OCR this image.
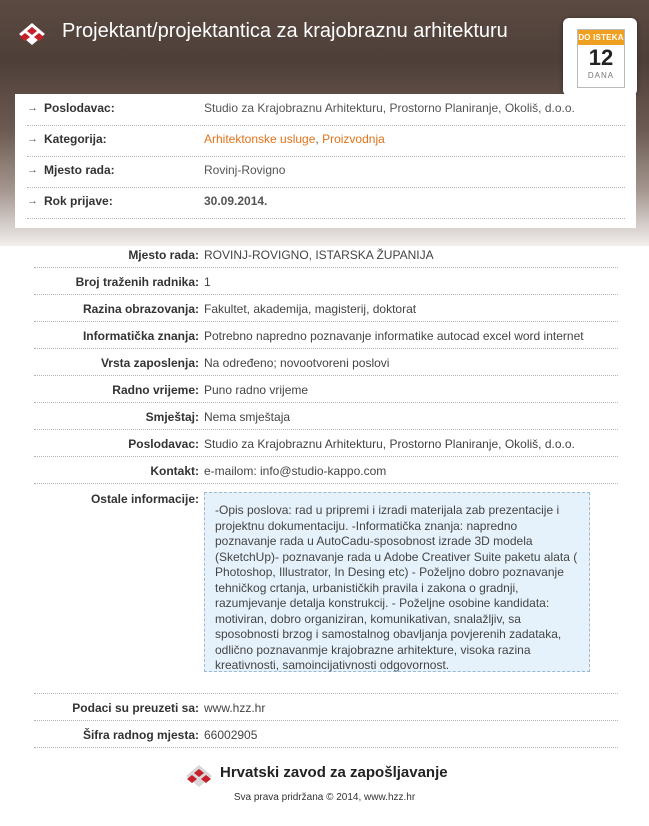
Projektant/projektantica za krajobraznu arhitekturu	DO ISTEKA
12
DANA
→ Poslodavac:	Studio za Krajobraznu Arhitekturu, Prostorno Planiranje, Okoliš, d.o.o.
→ Kategorija:	Arhitektonske usluge, Proizvodnja
→ Mjesto rada:	Rovinj-Rovigno
→ Rok prijave:	30.09.2014.
Mjesto rada: ROVINJ-ROVIGNO, ISTARSKA ŽUPANIJA
Broj traženih radnika: 1
Razina obrazovanja: Fakultet, akademija, magisterij, doktorat
Informatička znanja: Potrebno napredno poznavanje informatike autocad excel word internet
Vrsta zaposlenja: Na određeno; novootvoreni poslovi
Radno vrijeme: Puno radno vrijeme
Smještaj: Nema smještaja
Poslodavac: Studio za Krajobraznu Arhitekturu, Prostorno Planiranje, Okoliš, d.o.o.
Kontakt: e-mailom: info@studio-kappo.com
Ostale informacije:
-Opis poslova: rad u pripremi i izradi materijala zab prezentacije i projektnu dokumentaciju. -Informatička znanja: napredno poznavanje rada u AutoCadu-sposobnost izrade 3D modela (SketchUp)- poznavanje rada u Adobe Creativer Suite paketu alata ( Photoshop, Illustrator, In Desing etc) - Poželjno dobro poznavanje tehničkog crtanja, urbanističkih pravila i zakona o gradnji, razumjevanje detalja konstrukcij. - Poželjne osobine kandidata: motiviran, dobro organiziran, komunikativan, snalažljiv, sa sposobnosti brzog i samostalnog obavljanja povjerenih zadataka, odlično poznavanmje krajobrazne arhitekture, visoka razina kreativnosti, samoincijativnosti odgovornost.
Podaci su preuzeti sa: www.hzz.hr
Šifra radnog mjesta: 66002905
Hrvatski zavod za zapošljavanje
Sva prava pridržana © 2014, www.hzz.hr
